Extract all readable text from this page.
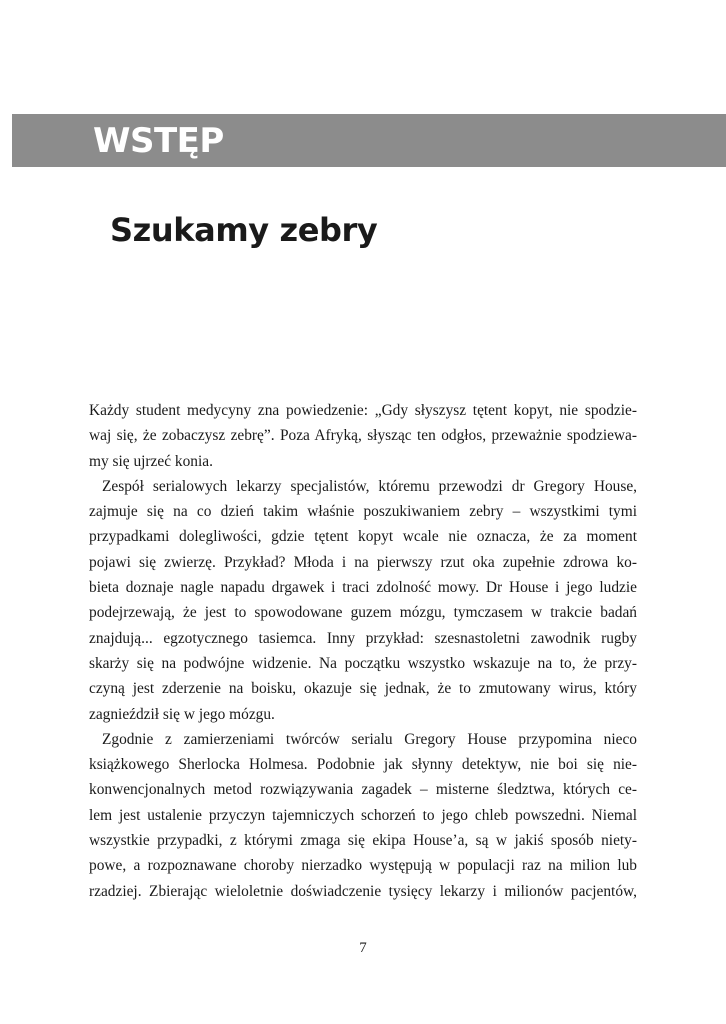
WSTĘP
Szukamy zebry
Każdy student medycyny zna powiedzenie: „Gdy słyszysz tętent kopyt, nie spodzie-
waj się, że zobaczysz zebrę”. Poza Afryką, słysząc ten odgłos, przeważnie spodziewa-
my się ujrzeć konia.
Zespół serialowych lekarzy specjalistów, któremu przewodzi dr Gregory House,
zajmuje się na co dzień takim właśnie poszukiwaniem zebry – wszystkimi tymi
przypadkami dolegliwości, gdzie tętent kopyt wcale nie oznacza, że za moment
pojawi się zwierzę. Przykład? Młoda i na pierwszy rzut oka zupełnie zdrowa ko-
bieta doznaje nagle napadu drgawek i traci zdolność mowy. Dr House i jego ludzie
podejrzewają, że jest to spowodowane guzem mózgu, tymczasem w trakcie badań
znajdują... egzotycznego tasiemca. Inny przykład: szesnastoletni zawodnik rugby
skarży się na podwójne widzenie. Na początku wszystko wskazuje na to, że przy-
czyną jest zderzenie na boisku, okazuje się jednak, że to zmutowany wirus, który
zagnieździł się w jego mózgu.
Zgodnie z zamierzeniami twórców serialu Gregory House przypomina nieco
książkowego Sherlocka Holmesa. Podobnie jak słynny detektyw, nie boi się nie-
konwencjonalnych metod rozwiązywania zagadek – misterne śledztwa, których ce-
lem jest ustalenie przyczyn tajemniczych schorzeń to jego chleb powszedni. Niemal
wszystkie przypadki, z którymi zmaga się ekipa House’a, są w jakiś sposób niety-
powe, a rozpoznawane choroby nierzadko występują w populacji raz na milion lub
rzadziej. Zbierając wieloletnie doświadczenie tysięcy lekarzy i milionów pacjentów,
7
